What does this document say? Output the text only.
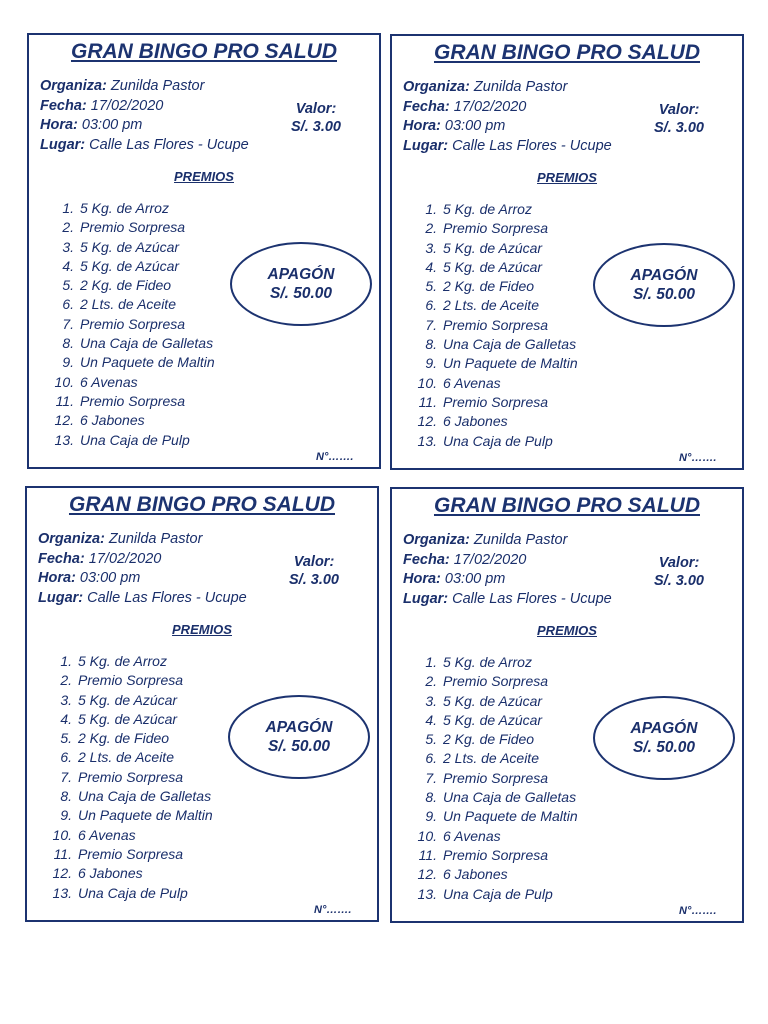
GRAN BINGO PRO SALUD
Organiza: Zunilda Pastor
Fecha: 17/02/2020
Hora: 03:00 pm
Lugar: Calle Las Flores - Ucupe
Valor:
S/. 3.00
PREMIOS
1. 5 Kg. de Arroz
2. Premio Sorpresa
3. 5 Kg. de Azúcar
4. 5 Kg. de Azúcar
5. 2 Kg. de Fideo
6. 2 Lts. de Aceite
7. Premio Sorpresa
8. Una Caja de Galletas
9. Un Paquete de Maltin
10. 6 Avenas
11. Premio Sorpresa
12. 6 Jabones
13. Una Caja de Pulp
APAGÓN
S/. 50.00
N°…….
GRAN BINGO PRO SALUD
Organiza: Zunilda Pastor
Fecha: 17/02/2020
Hora: 03:00 pm
Lugar: Calle Las Flores - Ucupe
Valor:
S/. 3.00
PREMIOS
1. 5 Kg. de Arroz
2. Premio Sorpresa
3. 5 Kg. de Azúcar
4. 5 Kg. de Azúcar
5. 2 Kg. de Fideo
6. 2 Lts. de Aceite
7. Premio Sorpresa
8. Una Caja de Galletas
9. Un Paquete de Maltin
10. 6 Avenas
11. Premio Sorpresa
12. 6 Jabones
13. Una Caja de Pulp
APAGÓN
S/. 50.00
N°…….
GRAN BINGO PRO SALUD
Organiza: Zunilda Pastor
Fecha: 17/02/2020
Hora: 03:00 pm
Lugar: Calle Las Flores - Ucupe
Valor:
S/. 3.00
PREMIOS
1. 5 Kg. de Arroz
2. Premio Sorpresa
3. 5 Kg. de Azúcar
4. 5 Kg. de Azúcar
5. 2 Kg. de Fideo
6. 2 Lts. de Aceite
7. Premio Sorpresa
8. Una Caja de Galletas
9. Un Paquete de Maltin
10. 6 Avenas
11. Premio Sorpresa
12. 6 Jabones
13. Una Caja de Pulp
APAGÓN
S/. 50.00
N°…….
GRAN BINGO PRO SALUD
Organiza: Zunilda Pastor
Fecha: 17/02/2020
Hora: 03:00 pm
Lugar: Calle Las Flores - Ucupe
Valor:
S/. 3.00
PREMIOS
1. 5 Kg. de Arroz
2. Premio Sorpresa
3. 5 Kg. de Azúcar
4. 5 Kg. de Azúcar
5. 2 Kg. de Fideo
6. 2 Lts. de Aceite
7. Premio Sorpresa
8. Una Caja de Galletas
9. Un Paquete de Maltin
10. 6 Avenas
11. Premio Sorpresa
12. 6 Jabones
13. Una Caja de Pulp
APAGÓN
S/. 50.00
N°…….
